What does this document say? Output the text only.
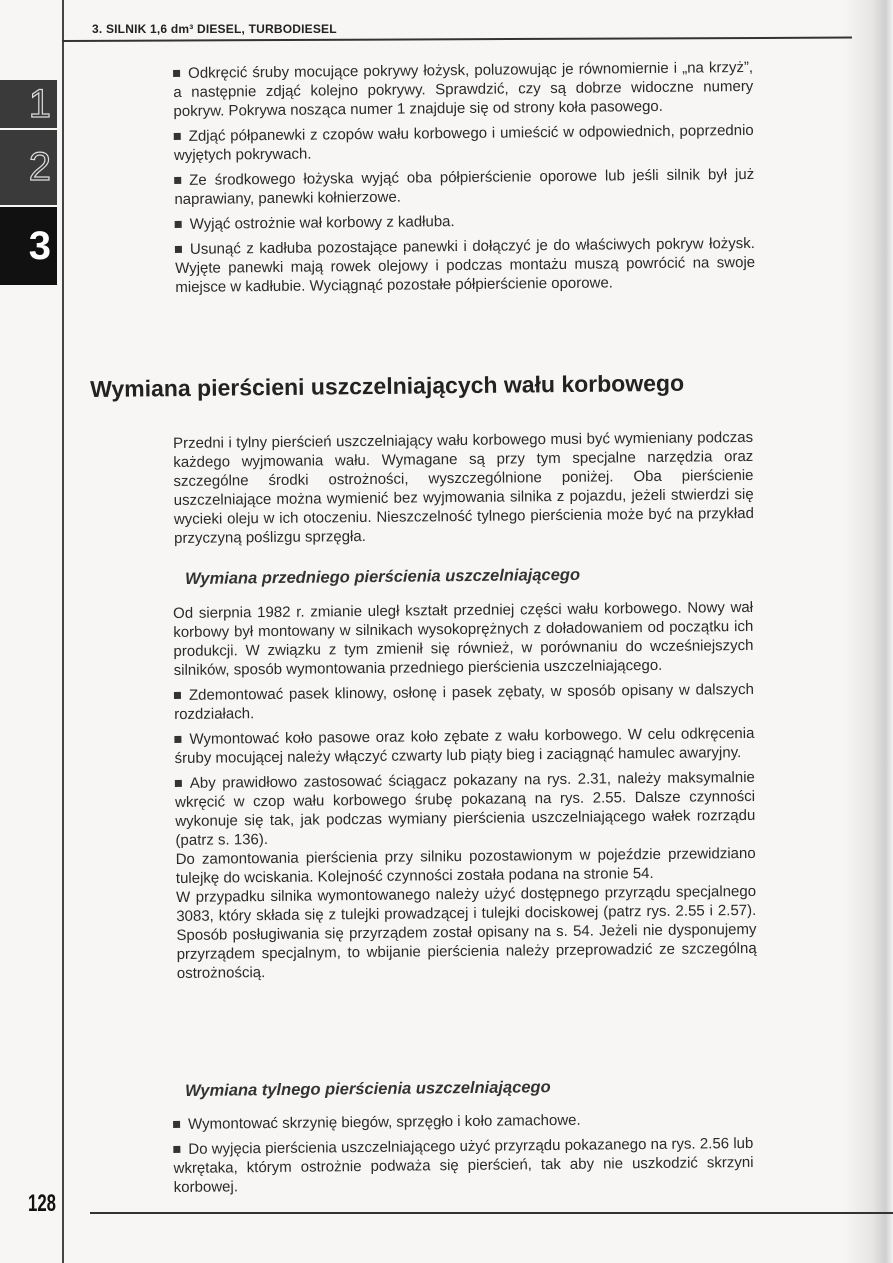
3. SILNIK 1,6 dm³ DIESEL, TURBODIESEL
1
2
3

Odkręcić śruby mocujące pokrywy łożysk, poluzowując je równomiernie i „na krzyż”, a następnie zdjąć kolejno pokrywy. Sprawdzić, czy są dobrze widoczne numery pokryw. Pokrywa nosząca numer 1 znajduje się od strony koła pasowego.

Zdjąć półpanewki z czopów wału korbowego i umieścić w odpowiednich, poprzednio wyjętych pokrywach.

Ze środkowego łożyska wyjąć oba półpierścienie oporowe lub jeśli silnik był już naprawiany, panewki kołnierzowe.

Wyjąć ostrożnie wał korbowy z kadłuba.

Usunąć z kadłuba pozostające panewki i dołączyć je do właściwych pokryw łożysk. Wyjęte panewki mają rowek olejowy i podczas montażu muszą powrócić na swoje miejsce w kadłubie. Wyciągnąć pozostałe półpierścienie oporowe.

Wymiana pierścieni uszczelniających wału korbowego

Przedni i tylny pierścień uszczelniający wału korbowego musi być wymieniany podczas każdego wyjmowania wału. Wymagane są przy tym specjalne narzędzia oraz szczególne środki ostrożności, wyszczególnione poniżej. Oba pierścienie uszczelniające można wymienić bez wyjmowania silnika z pojazdu, jeżeli stwierdzi się wycieki oleju w ich otoczeniu. Nieszczelność tylnego pierścienia może być na przykład przyczyną poślizgu sprzęgła.

Wymiana przedniego pierścienia uszczelniającego

Od sierpnia 1982 r. zmianie uległ kształt przedniej części wału korbowego. Nowy wał korbowy był montowany w silnikach wysokoprężnych z doładowaniem od początku ich produkcji. W związku z tym zmienił się również, w porównaniu do wcześniejszych silników, sposób wymontowania przedniego pierścienia uszczelniającego.

Zdemontować pasek klinowy, osłonę i pasek zębaty, w sposób opisany w dalszych rozdziałach.

Wymontować koło pasowe oraz koło zębate z wału korbowego. W celu odkręcenia śruby mocującej należy włączyć czwarty lub piąty bieg i zaciągnąć hamulec awaryjny.

Aby prawidłowo zastosować ściągacz pokazany na rys. 2.31, należy maksymalnie wkręcić w czop wału korbowego śrubę pokazaną na rys. 2.55. Dalsze czynności wykonuje się tak, jak podczas wymiany pierścienia uszczelniającego wałek rozrządu (patrz s. 136).

Do zamontowania pierścienia przy silniku pozostawionym w pojeździe przewidziano tulejkę do wciskania. Kolejność czynności została podana na stronie 54.

W przypadku silnika wymontowanego należy użyć dostępnego przyrządu specjalnego 3083, który składa się z tulejki prowadzącej i tulejki dociskowej (patrz rys. 2.55 i 2.57). Sposób posługiwania się przyrządem został opisany na s. 54. Jeżeli nie dysponujemy przyrządem specjalnym, to wbijanie pierścienia należy przeprowadzić ze szczególną ostrożnością.

Wymiana tylnego pierścienia uszczelniającego

Wymontować skrzynię biegów, sprzęgło i koło zamachowe.

Do wyjęcia pierścienia uszczelniającego użyć przyrządu pokazanego na rys. 2.56 lub wkrętaka, którym ostrożnie podważa się pierścień, tak aby nie uszkodzić skrzyni korbowej.

128
